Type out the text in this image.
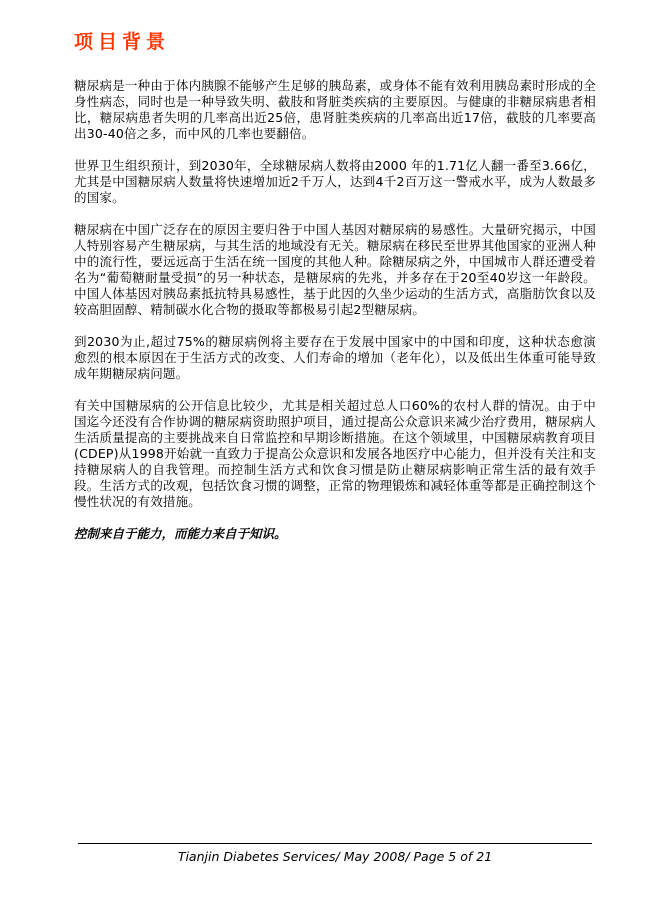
项目背景

糖尿病是一种由于体内胰腺不能够产生足够的胰岛素，或身体不能有效利用胰岛素时形成的全身性病态，同时也是一种导致失明、截肢和肾脏类疾病的主要原因。与健康的非糖尿病患者相比，糖尿病患者失明的几率高出近25倍，患肾脏类疾病的几率高出近17倍，截肢的几率要高出30-40倍之多，而中风的几率也要翻倍。

世界卫生组织预计，到2030年，全球糖尿病人数将由2000 年的1.71亿人翻一番至3.66亿，尤其是中国糖尿病人数量将快速增加近2千万人，达到4千2百万这一警戒水平，成为人数最多的国家。

糖尿病在中国广泛存在的原因主要归咎于中国人基因对糖尿病的易感性。大量研究揭示，中国人特别容易产生糖尿病，与其生活的地域没有无关。糖尿病在移民至世界其他国家的亚洲人种中的流行性，要远远高于生活在统一国度的其他人种。除糖尿病之外，中国城市人群还遭受着名为“葡萄糖耐量受损”的另一种状态，是糖尿病的先兆，并多存在于20至40岁这一年龄段。中国人体基因对胰岛素抵抗特具易感性，基于此因的久坐少运动的生活方式，高脂肪饮食以及较高胆固醇、精制碳水化合物的摄取等都极易引起2型糖尿病。

到2030为止,超过75%的糖尿病例将主要存在于发展中国家中的中国和印度，这种状态愈演愈烈的根本原因在于生活方式的改变、人们寿命的增加（老年化），以及低出生体重可能导致成年期糖尿病问题。

有关中国糖尿病的公开信息比较少，尤其是相关超过总人口60%的农村人群的情况。由于中国迄今还没有合作协调的糖尿病资助照护项目，通过提高公众意识来减少治疗费用，糖尿病人生活质量提高的主要挑战来自日常监控和早期诊断措施。在这个领域里，中国糖尿病教育项目(CDEP)从1998开始就一直致力于提高公众意识和发展各地医疗中心能力，但并没有关注和支持糖尿病人的自我管理。而控制生活方式和饮食习惯是防止糖尿病影响正常生活的最有效手段。生活方式的改观，包括饮食习惯的调整，正常的物理锻炼和减轻体重等都是正确控制这个慢性状况的有效措施。

控制来自于能力，而能力来自于知识。

Tianjin Diabetes Services/ May 2008/ Page 5 of 21
